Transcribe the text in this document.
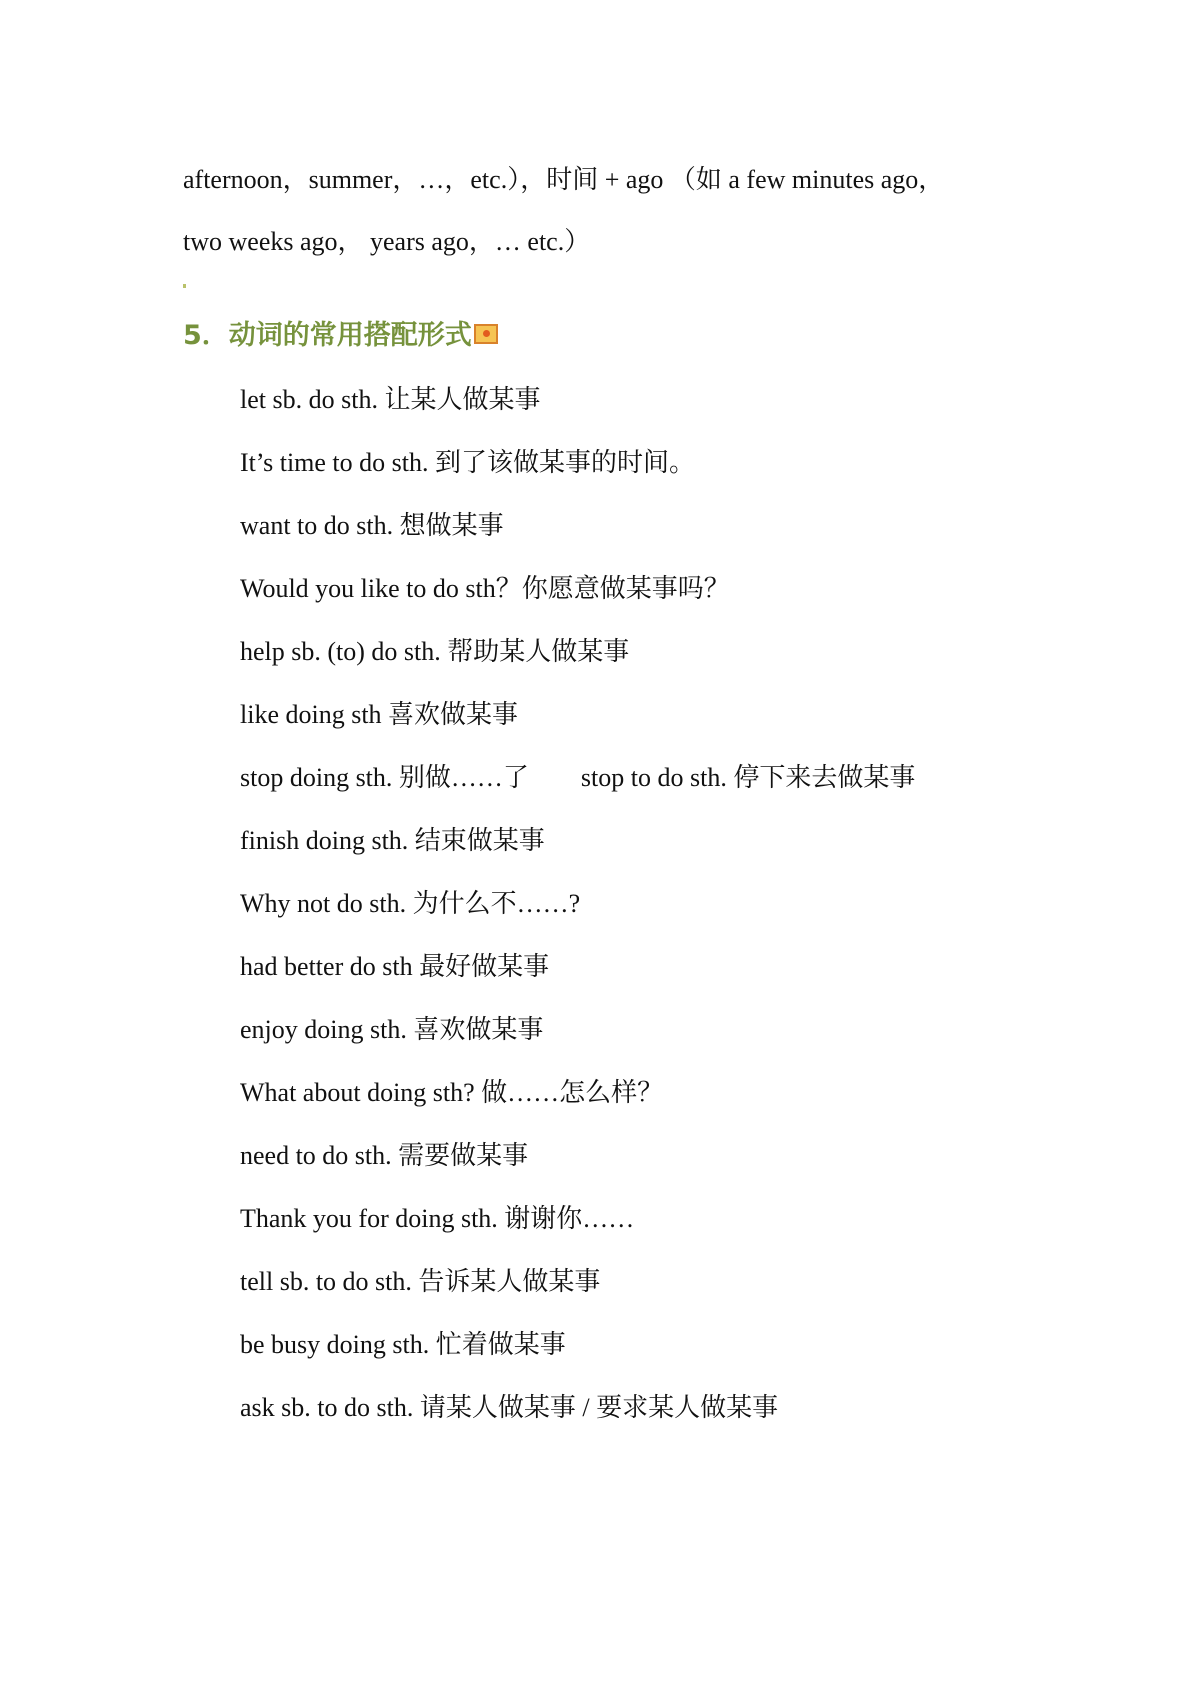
afternoon，summer，…，etc.），时间 + ago （如 a few minutes ago，

two weeks ago， years ago，… etc.）

5．动词的常用搭配形式

let sb. do sth. 让某人做某事

It’s time to do sth. 到了该做某事的时间。

want to do sth. 想做某事

Would you like to do sth？你愿意做某事吗？

help sb. (to) do sth. 帮助某人做某事

like doing sth 喜欢做某事

stop doing sth. 别做……了　　stop to do sth. 停下来去做某事

finish doing sth. 结束做某事

Why not do sth. 为什么不……?

had better do sth 最好做某事

enjoy doing sth. 喜欢做某事

What about doing sth? 做……怎么样？

need to do sth. 需要做某事

Thank you for doing sth. 谢谢你……

tell sb. to do sth. 告诉某人做某事

be busy doing sth. 忙着做某事

ask sb. to do sth. 请某人做某事 / 要求某人做某事
